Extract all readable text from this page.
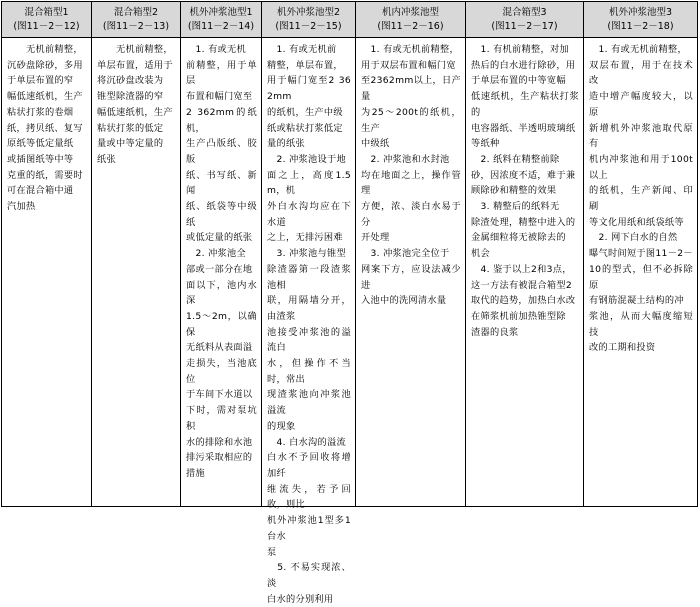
混合箱型1
(图11－2－12)
　　无机前精整，
沉砂盘除砂，多用
于单层布置的窄
幅低速纸机，生产
粘状打浆的卷烟
纸，拷贝纸、复写
原纸等低定量纸
或插图纸等中等
克重的纸，需要时
可在混合箱中通
汽加热
混合箱型2
(图11－2－13)
　　无机前精整，
单层布置，适用于
将沉砂盘改装为
锥型除渣器的窄
幅低速纸机，生产
粘状打浆的低定
量或中等定量的
纸张
机外冲浆池型1
(图11－2－14)
　1. 有或无机
前精整，用于单层
布置和幅门宽至
2 362mm的纸机，
生产凸版纸、胶版
纸、书写纸、新闻
纸、纸袋等中级纸
或低定量的纸张
　2. 冲浆池全
部或一部分在地
面以下，池内水深
1.5～2m，以确保
无纸料从表面溢
走损失，当池底位
于车间下水道以
下时，需对泵坑积
水的排除和水池
排污采取相应的
措施
机外冲浆池型2
(图11－2－15)
　1. 有或无机前
精整，单层布置，
用于幅门宽至2 362mm
的纸机，生产中级
纸或粘状打浆低定
量的纸张
　2. 冲浆池设于地
面之上，高度1.5m，机
外白水沟均应在下水道
之上，无排污困难
　3. 冲浆池与锥型
除渣器第一段渣浆池相
联，用隔墙分开，由渣浆
池接受冲浆池的溢流白
水，但操作不当时，常出
现渣浆池向冲浆池溢流
的现象
　4. 白水沟的溢流
白水不予回收将增加纤
维流失，若予回收，则比
机外冲浆池1型多1台水
泵
　5. 不易实现浓、淡
白水的分别利用
机内冲浆池型
(图11－2－16)
　1. 有或无机前精整，
用于双层布置和幅门宽
至2362mm以上，日产量
为25～200t的纸机，生产
中级纸
　2. 冲浆池和水封池
均在地面之上，操作管理
方便，浓、淡白水易于分
开处理
　3. 冲浆池完全位于
网案下方，应设法减少进
入池中的洗网清水量
混合箱型3
(图11－2－17)
　1. 有机前精整，对加
热后的白水进行除砂，用
于单层布置的中等宽幅
低速纸机，生产粘状打浆的
电容器纸、半透明玻璃纸
等纸种
　2. 纸料在精整前除
砂，因浓度不适，难于兼
顾除砂和精整的效果
　3. 精整后的纸料无
除渣处理，精整中进入的
金属细粒将无被除去的
机会
　4. 鉴于以上2和3点，
这一方法有被混合箱型2
取代的趋势，加热白水改
在筛浆机前加热锥型除
渣器的良浆
机外冲浆池型3
(图11－2－18)
　1. 有或无机前精整，
双层布置，用于在技术改
造中增产幅度较大，以原
新增机外冲浆池取代原有
机内冲浆池和用于100t以上
的纸机，生产新闻、印刷
等文化用纸和纸袋纸等
　2. 网下白水的自然
曝气时间短于图11－2－
10的型式，但不必拆除原
有钢筋混凝土结构的冲
浆池，从而大幅度缩短技
改的工期和投资
